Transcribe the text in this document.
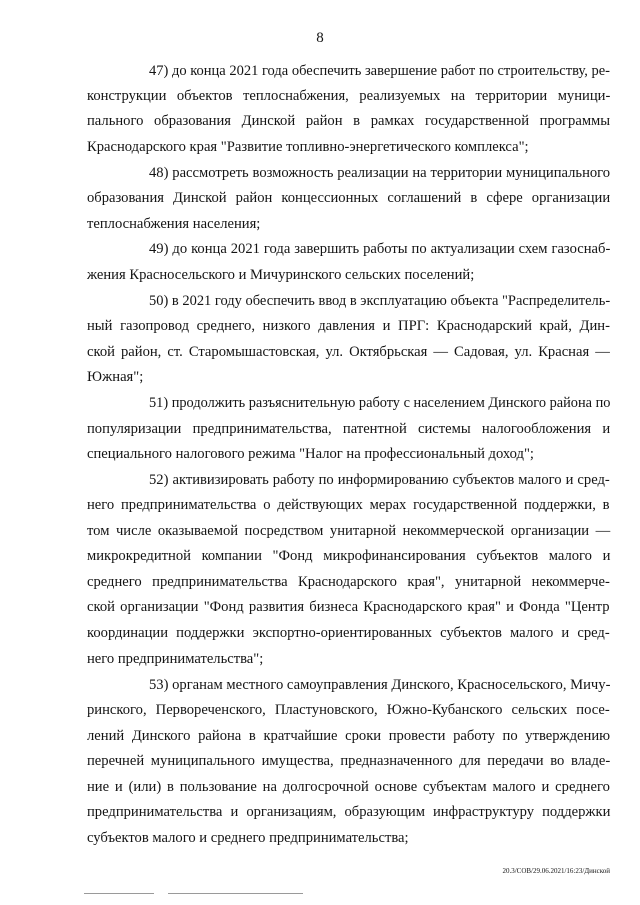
8
47) до конца 2021 года обеспечить завершение работ по строительству, ре-
конструкции объектов теплоснабжения, реализуемых на территории муници-
пального образования Динской район в рамках государственной программы
Краснодарского края "Развитие топливно-энергетического комплекса";
48) рассмотреть возможность реализации на территории муниципального
образования Динской район концессионных соглашений в сфере организации
теплоснабжения населения;
49) до конца 2021 года завершить работы по актуализации схем газоснаб-
жения Красносельского и Мичуринского сельских поселений;
50) в 2021 году обеспечить ввод в эксплуатацию объекта "Распределитель-
ный газопровод среднего, низкого давления и ПРГ: Краснодарский край, Дин-
ской район, ст. Старомышастовская, ул. Октябрьская — Садовая, ул. Красная —
Южная";
51) продолжить разъяснительную работу с населением Динского района по
популяризации предпринимательства, патентной системы налогообложения и
специального налогового режима "Налог на профессиональный доход";
52) активизировать работу по информированию субъектов малого и сред-
него предпринимательства о действующих мерах государственной поддержки, в
том числе оказываемой посредством унитарной некоммерческой организации —
микрокредитной компании "Фонд микрофинансирования субъектов малого и
среднего предпринимательства Краснодарского края", унитарной некоммерче-
ской организации "Фонд развития бизнеса Краснодарского края" и Фонда "Центр
координации поддержки экспортно-ориентированных субъектов малого и сред-
него предпринимательства";
53) органам местного самоуправления Динского, Красносельского, Мичу-
ринского, Первореченского, Пластуновского, Южно-Кубанского сельских посе-
лений Динского района в кратчайшие сроки провести работу по утверждению
перечней муниципального имущества, предназначенного для передачи во владе-
ние и (или) в пользование на долгосрочной основе субъектам малого и среднего
предпринимательства и организациям, образующим инфраструктуру поддержки
субъектов малого и среднего предпринимательства;
20.3/СОВ/29.06.2021/16:23/Динской
